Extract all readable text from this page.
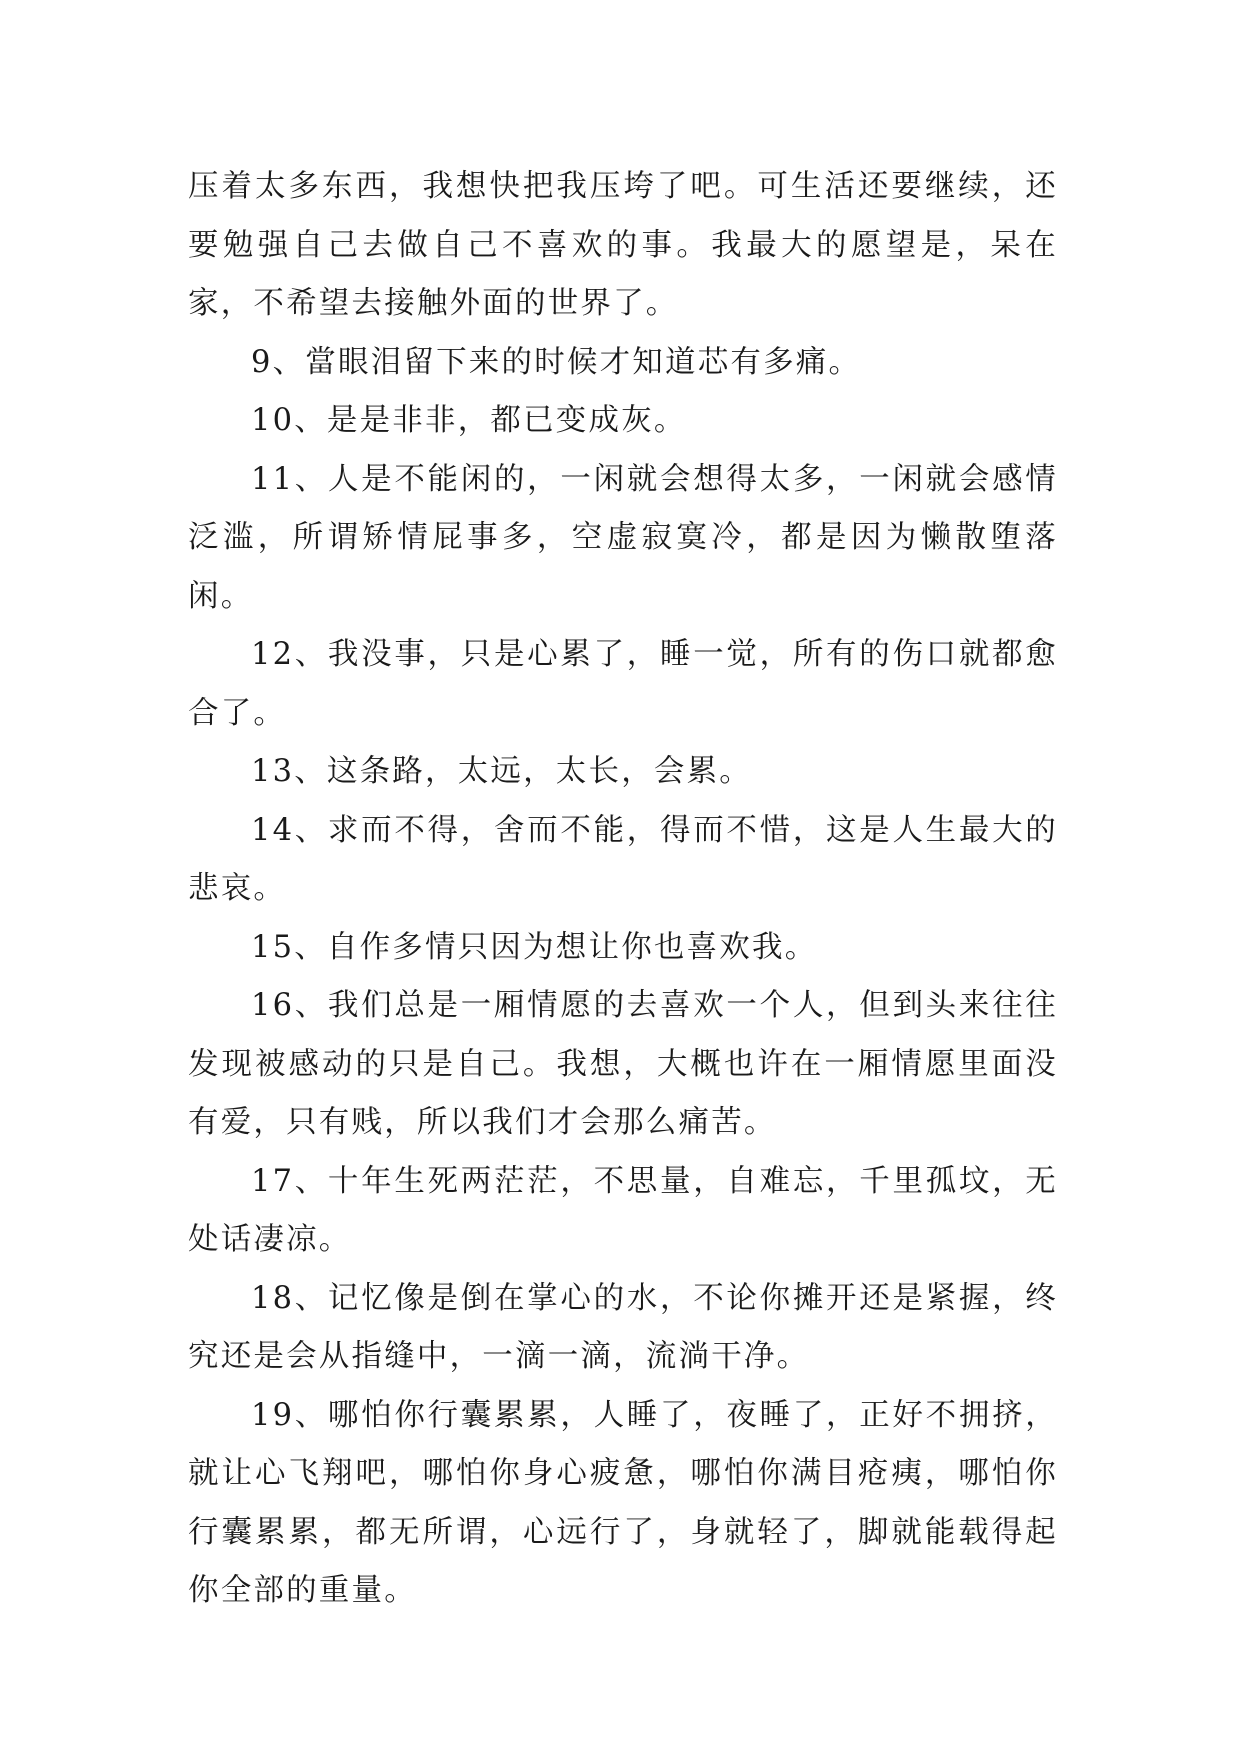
压着太多东西，我想快把我压垮了吧。可生活还要继续，还要勉强自己去做自己不喜欢的事。我最大的愿望是，呆在家，不希望去接触外面的世界了。

9、當眼泪留下来的时候才知道芯有多痛。

10、是是非非，都已变成灰。

11、人是不能闲的，一闲就会想得太多，一闲就会感情泛滥，所谓矫情屁事多，空虚寂寞冷，都是因为懒散堕落闲。

12、我没事，只是心累了，睡一觉，所有的伤口就都愈合了。

13、这条路，太远，太长，会累。

14、求而不得，舍而不能，得而不惜，这是人生最大的悲哀。

15、自作多情只因为想让你也喜欢我。

16、我们总是一厢情愿的去喜欢一个人，但到头来往往发现被感动的只是自己。我想，大概也许在一厢情愿里面没有爱，只有贱，所以我们才会那么痛苦。

17、十年生死两茫茫，不思量，自难忘，千里孤坟，无处话凄凉。

18、记忆像是倒在掌心的水，不论你摊开还是紧握，终究还是会从指缝中，一滴一滴，流淌干净。

19、哪怕你行囊累累，人睡了，夜睡了，正好不拥挤，就让心飞翔吧，哪怕你身心疲惫，哪怕你满目疮痍，哪怕你行囊累累，都无所谓，心远行了，身就轻了，脚就能载得起你全部的重量。
